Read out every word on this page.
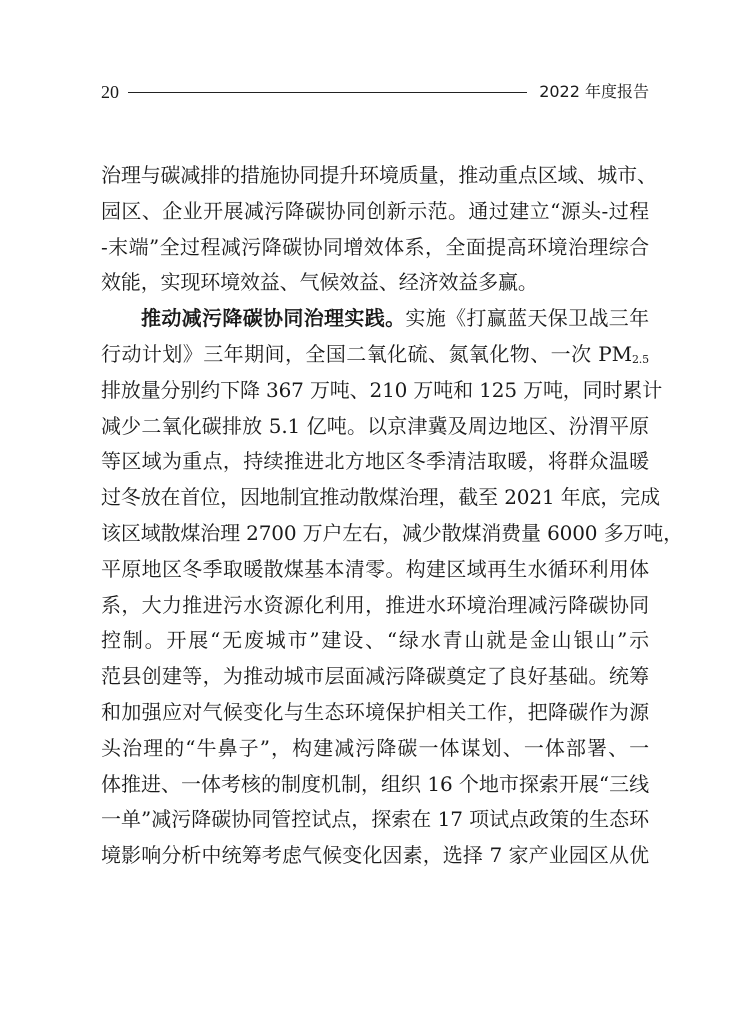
20	2022 年度报告
治理与碳减排的措施协同提升环境质量，推动重点区域、城市、
园区、企业开展减污降碳协同创新示范。通过建立“源头-过程
-末端”全过程减污降碳协同增效体系，全面提高环境治理综合
效能，实现环境效益、气候效益、经济效益多赢。
推动减污降碳协同治理实践。实施《打赢蓝天保卫战三年
行动计划》三年期间，全国二氧化硫、氮氧化物、一次 $PM_{2.5}$
排放量分别约下降 367 万吨、210 万吨和 125 万吨，同时累计
减少二氧化碳排放 5.1 亿吨。以京津冀及周边地区、汾渭平原
等区域为重点，持续推进北方地区冬季清洁取暖，将群众温暖
过冬放在首位，因地制宜推动散煤治理，截至 2021 年底，完成
该区域散煤治理 2700 万户左右，减少散煤消费量 6000 多万吨，
平原地区冬季取暖散煤基本清零。构建区域再生水循环利用体
系，大力推进污水资源化利用，推进水环境治理减污降碳协同
控制。开展“无废城市”建设、“绿水青山就是金山银山”示
范县创建等，为推动城市层面减污降碳奠定了良好基础。统筹
和加强应对气候变化与生态环境保护相关工作，把降碳作为源
头治理的“牛鼻子”，构建减污降碳一体谋划、一体部署、一
体推进、一体考核的制度机制，组织 16 个地市探索开展“三线
一单”减污降碳协同管控试点，探索在 17 项试点政策的生态环
境影响分析中统筹考虑气候变化因素，选择 7 家产业园区从优
